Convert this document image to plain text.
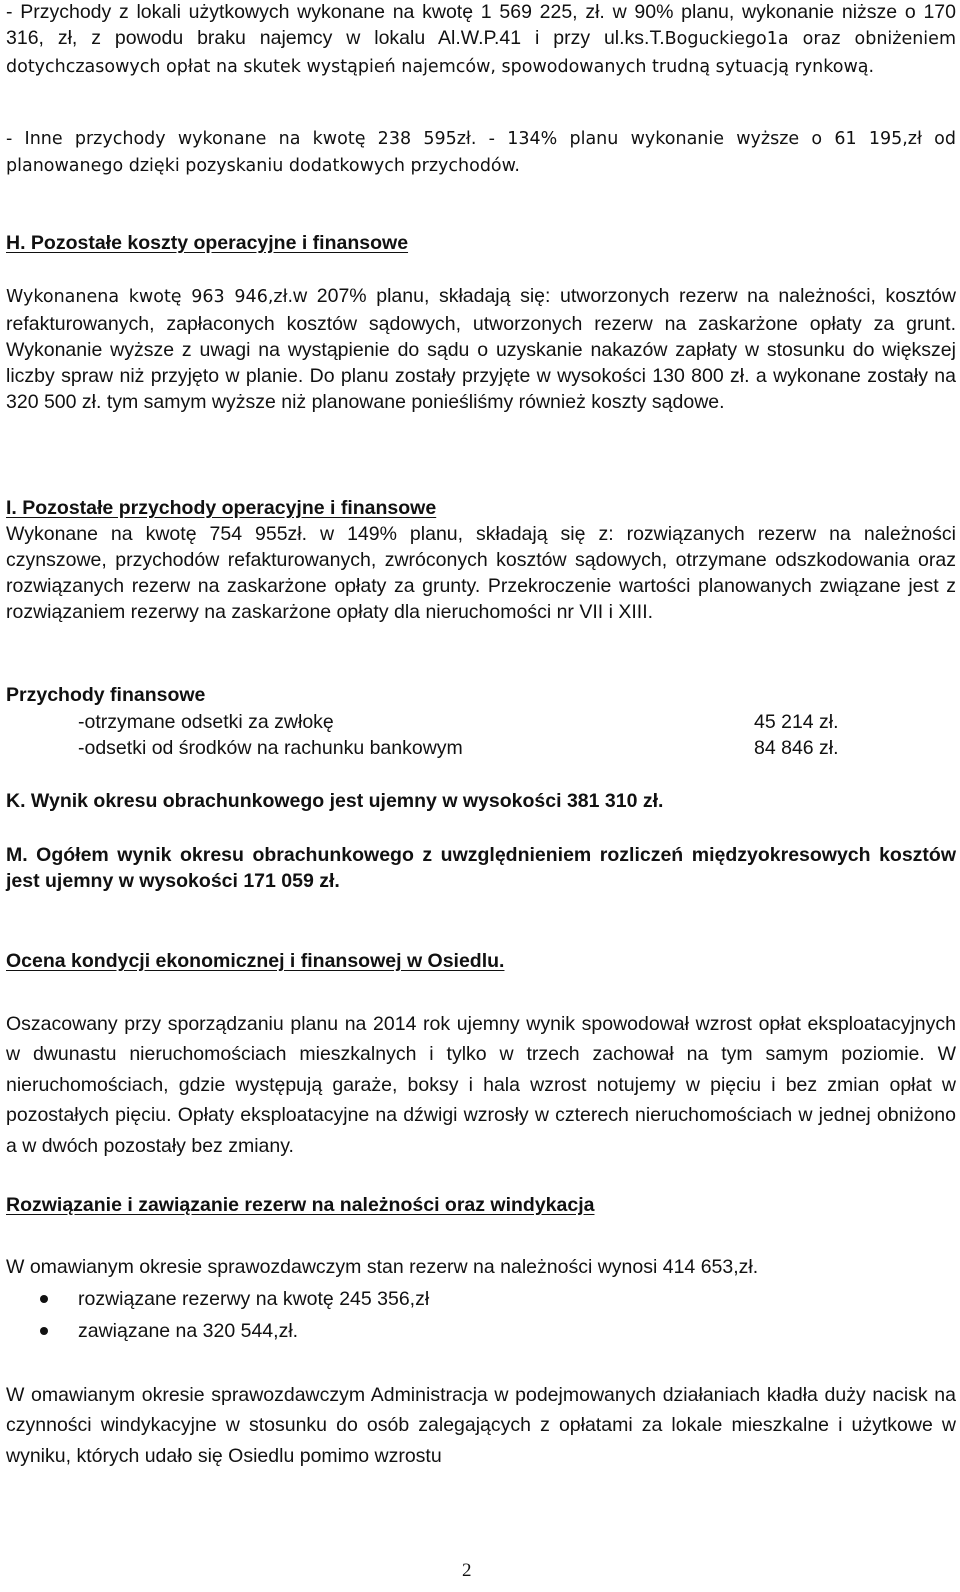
- Przychody z lokali użytkowych wykonane na kwotę 1 569 225, zł. w 90% planu, wykonanie niższe o 170 316, zł, z powodu braku najemcy w lokalu Al.W.P.41 i przy ul.ks.T.Boguckiego1a oraz obniżeniem dotychczasowych opłat na skutek wystąpień najemców, spowodowanych trudną sytuacją rynkową.
- Inne przychody wykonane na kwotę 238 595zł. - 134% planu wykonanie wyższe o 61 195,zł od planowanego dzięki pozyskaniu dodatkowych przychodów.
H. Pozostałe koszty operacyjne i finansowe
Wykonanena kwotę 963 946,zł.w 207% planu, składają się: utworzonych rezerw na należności, kosztów refakturowanych, zapłaconych kosztów sądowych, utworzonych rezerw na zaskarżone opłaty za grunt. Wykonanie wyższe z uwagi na wystąpienie do sądu o uzyskanie nakazów zapłaty w stosunku do większej liczby spraw niż przyjęto w planie. Do planu zostały przyjęte w wysokości 130 800 zł. a wykonane zostały na 320 500 zł. tym samym wyższe niż planowane ponieśliśmy również koszty sądowe.
I. Pozostałe przychody operacyjne i finansowe
Wykonane na kwotę 754 955zł. w 149% planu, składają się z: rozwiązanych rezerw na należności czynszowe, przychodów refakturowanych, zwróconych kosztów sądowych, otrzymane odszkodowania oraz rozwiązanych rezerw na zaskarżone opłaty za grunty. Przekroczenie wartości planowanych związane jest z rozwiązaniem rezerwy na zaskarżone opłaty dla nieruchomości nr VII i XIII.
Przychody finansowe
-otrzymane odsetki za zwłokę	45 214 zł.
-odsetki od środków na rachunku bankowym	84 846 zł.
K. Wynik okresu obrachunkowego jest ujemny w wysokości 381 310 zł.
M. Ogółem wynik okresu obrachunkowego z uwzględnieniem rozliczeń międzyokresowych kosztów jest ujemny w wysokości 171 059 zł.
Ocena kondycji ekonomicznej i finansowej w Osiedlu.
Oszacowany przy sporządzaniu planu na 2014 rok ujemny wynik spowodował wzrost opłat eksploatacyjnych w dwunastu nieruchomościach mieszkalnych i tylko w trzech zachował na tym samym poziomie. W nieruchomościach, gdzie występują garaże, boksy i hala wzrost notujemy w pięciu i bez zmian opłat w pozostałych pięciu. Opłaty eksploatacyjne na dźwigi wzrosły w czterech nieruchomościach w jednej obniżono a w dwóch pozostały bez zmiany.
Rozwiązanie i zawiązanie rezerw na należności oraz windykacja
W omawianym okresie sprawozdawczym stan rezerw na należności wynosi 414 653,zł.
rozwiązane rezerwy na kwotę 245 356,zł
zawiązane na 320 544,zł.
W omawianym okresie sprawozdawczym Administracja w podejmowanych działaniach kładła duży nacisk na czynności windykacyjne w stosunku do osób zalegających z opłatami za lokale mieszkalne i użytkowe w wyniku, których udało się Osiedlu pomimo wzrostu
2
